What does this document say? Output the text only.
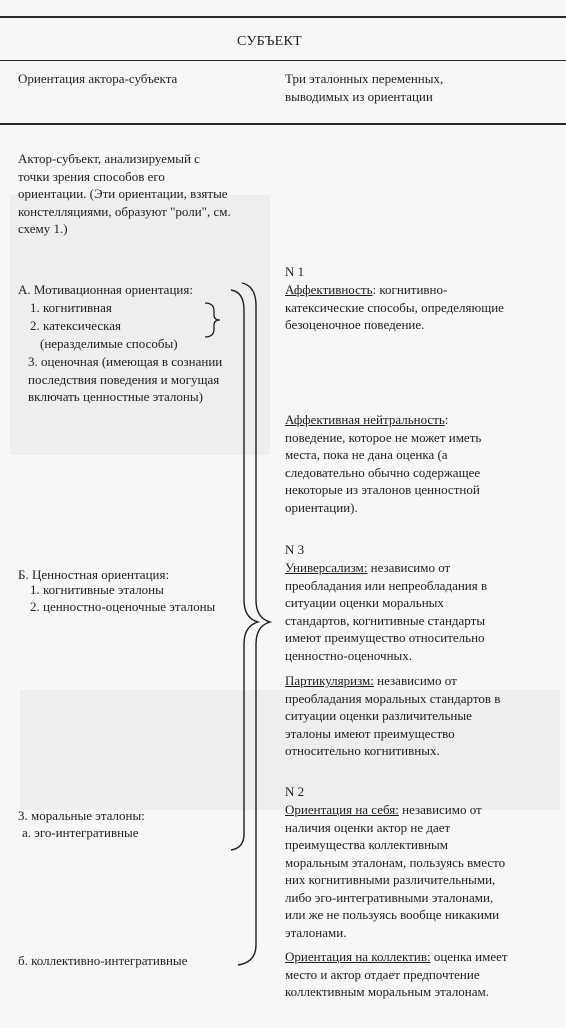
СУБЪЕКТ
Ориентация актора-субъекта	Три эталонных переменных,
выводимых из ориентации
Актор-субъект, анализируемый с
точки зрения способов его
ориентации. (Эти ориентации, взятые
констелляциями, образуют "роли", см.
схему 1.)
А. Мотивационная ориентация:
1. когнитивная
2. катексическая
(неразделимые способы)
3. оценочная (имеющая в сознании
последствия поведения и могущая
включать ценностные эталоны)
Б. Ценностная ориентация:
1. когнитивные эталоны
2. ценностно-оценочные эталоны
3. моральные эталоны:
а. эго-интегративные
б. коллективно-интегративные
N 1
Аффективность: когнитивно-
катексические способы, определяющие
безоценочное поведение.
Аффективная нейтральность:
поведение, которое не может иметь
места, пока не дана оценка (а
следовательно обычно содержащее
некоторые из эталонов ценностной
ориентации).
N 3
Универсализм: независимо от
преобладания или непреобладания в
ситуации оценки моральных
стандартов, когнитивные стандарты
имеют преимущество относительно
ценностно-оценочных.
Партикуляризм: независимо от
преобладания моральных стандартов в
ситуации оценки различительные
эталоны имеют преимущество
относительно когнитивных.
N 2
Ориентация на себя: независимо от
наличия оценки актор не дает
преимущества коллективным
моральным эталонам, пользуясь вместо
них когнитивными различительными,
либо эго-интегративными эталонами,
или же не пользуясь вообще никакими
эталонами.
Ориентация на коллектив: оценка имеет
место и актор отдает предпочтение
коллективным моральным эталонам.
